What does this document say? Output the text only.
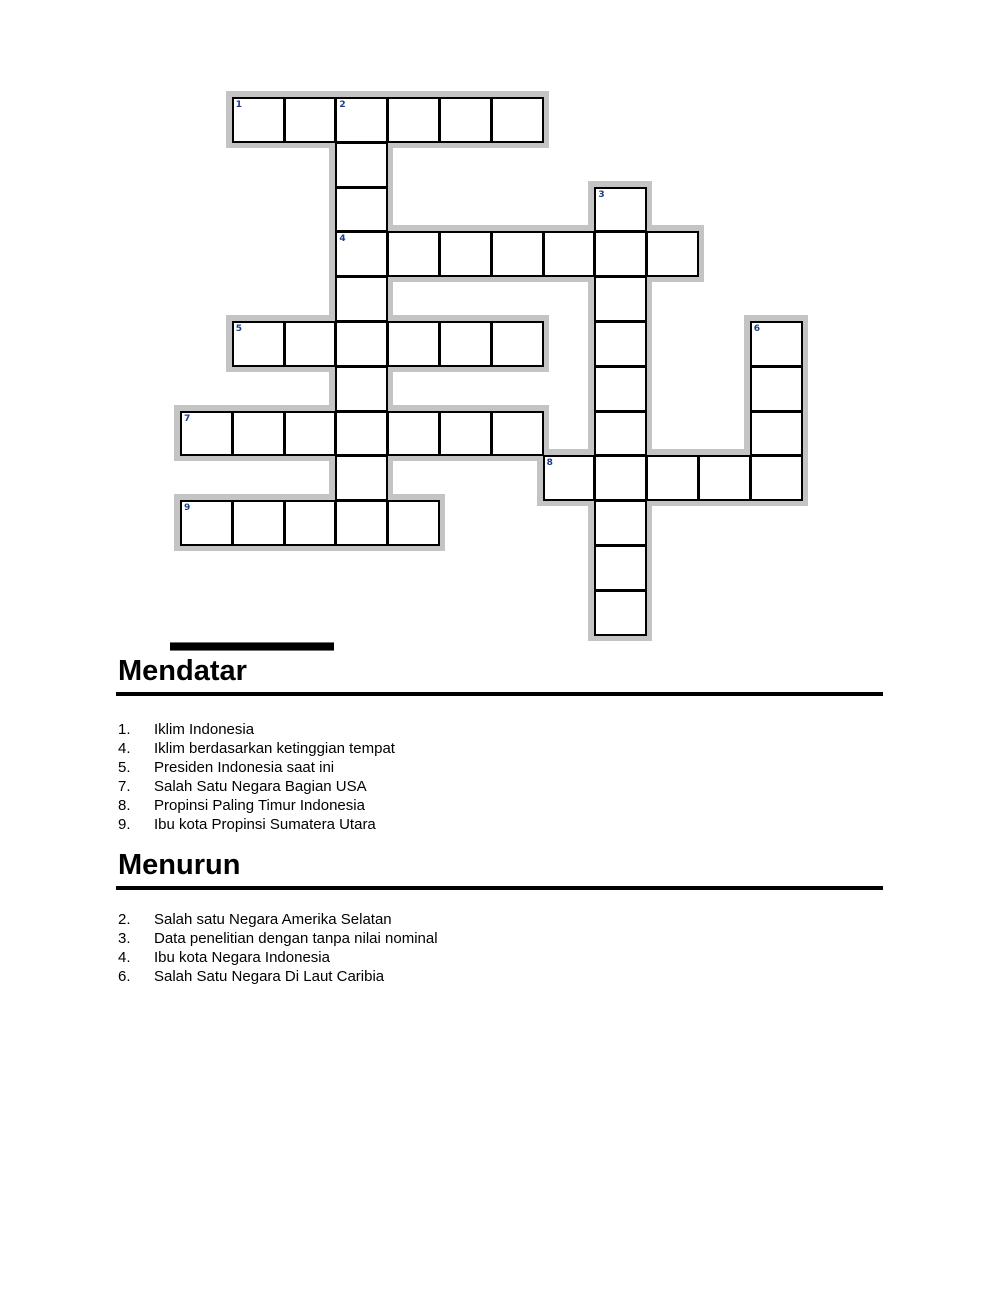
1	2
3
4
5	6
7
8
9
EclipseCrossword.com
Mendatar
1.	Iklim Indonesia
4.	Iklim berdasarkan ketinggian tempat
5.	Presiden Indonesia saat ini
7.	Salah Satu Negara Bagian USA
8.	Propinsi Paling Timur Indonesia
9.	Ibu kota Propinsi Sumatera Utara
Menurun
2.	Salah satu Negara Amerika Selatan
3.	Data penelitian dengan tanpa nilai nominal
4.	Ibu kota Negara Indonesia
6.	Salah Satu Negara Di Laut Caribia
